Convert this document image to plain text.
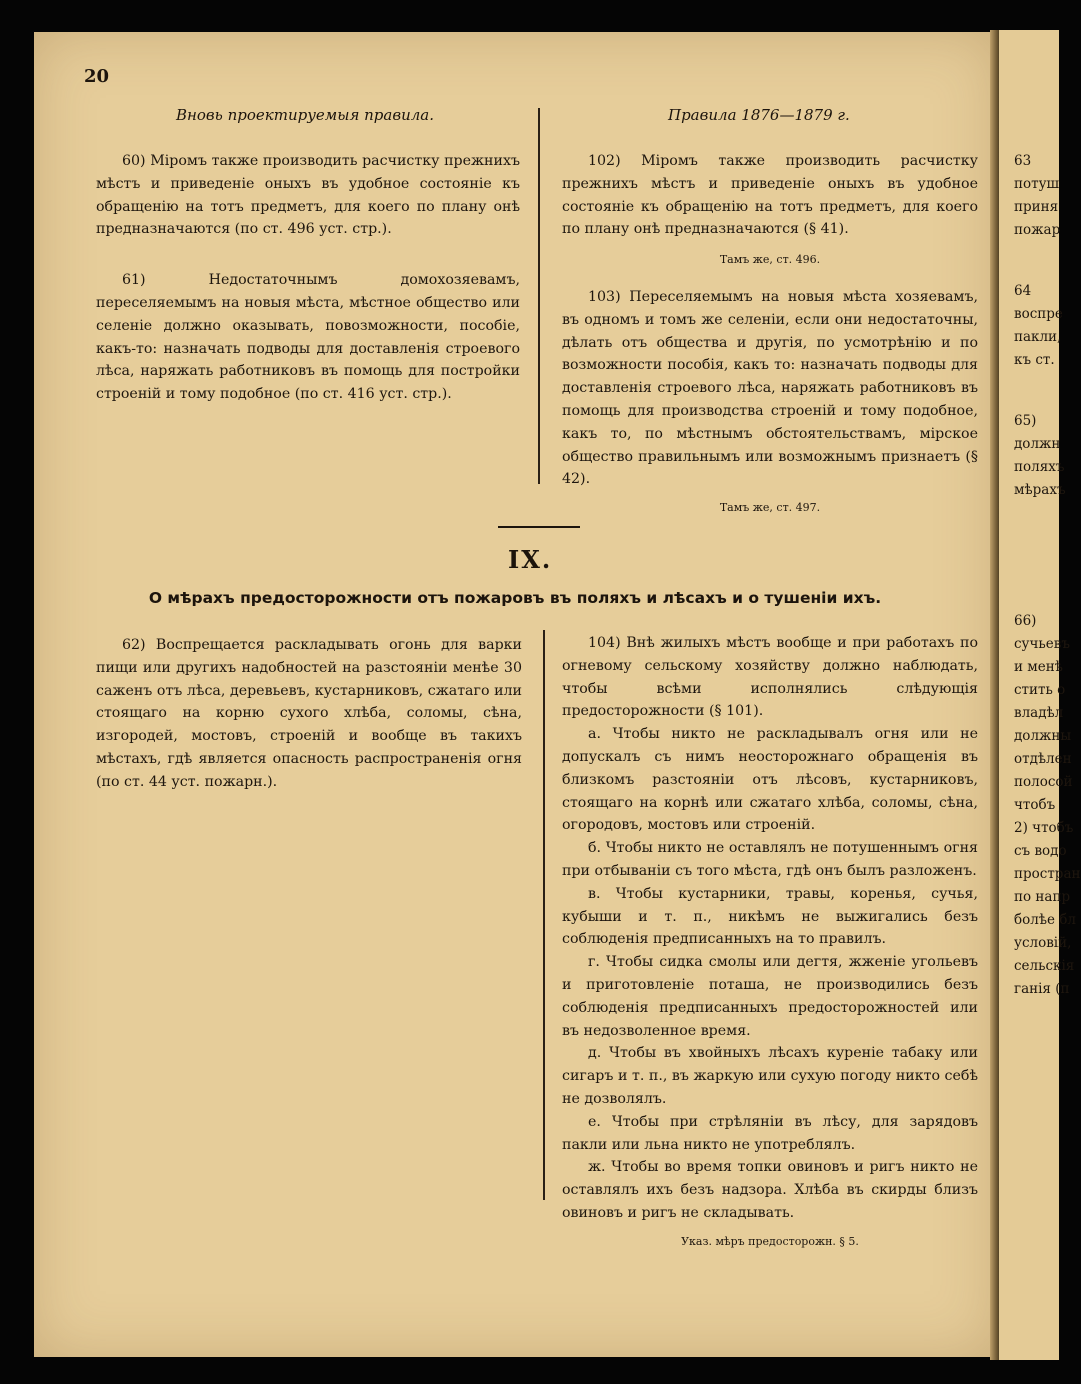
20
Вновь проектируемыя правила.	Правила 1876—1879 г.

60) Міромъ также производить расчистку прежнихъ мѣстъ и приведеніе оныхъ въ удобное состояніе къ обращенію на тотъ предметъ, для коего по плану онѣ предназначаются (по ст. 496 уст. стр.).

61) Недостаточнымъ домохозяевамъ, переселяемымъ на новыя мѣста, мѣстное общество или селеніе должно оказывать, повозможности, пособіе, какъ-то: назначать подводы для доставленія строевого лѣса, наряжать работниковъ въ помощь для постройки строеній и тому подобное (по ст. 416 уст. стр.).

102) Міромъ также производить расчистку прежнихъ мѣстъ и приведеніе оныхъ въ удобное состояніе къ обращенію на тотъ предметъ, для коего по плану онѣ предназначаются (§ 41).

Тамъ же, ст. 496.

103) Переселяемымъ на новыя мѣста хозяевамъ, въ одномъ и томъ же селеніи, если они недостаточны, дѣлать отъ общества и другія, по усмотрѣнію и по возможности пособія, какъ то: назначать подводы для доставленія строевого лѣса, наряжать работниковъ въ помощь для производства строеній и тому подобное, какъ то, по мѣстнымъ обстоятельствамъ, мірское общество правильнымъ или возможнымъ признаетъ (§ 42).

Тамъ же, ст. 497.
IX.
О мѣрахъ предосторожности отъ пожаровъ въ поляхъ и лѣсахъ и о тушеніи ихъ.

62) Воспрещается раскладывать огонь для варки пищи или другихъ надобностей на разстояніи менѣе 30 саженъ отъ лѣса, деревьевъ, кустарниковъ, сжатаго или стоящаго на корню сухого хлѣба, соломы, сѣна, изгородей, мостовъ, строеній и вообще въ такихъ мѣстахъ, гдѣ является опасность распространенія огня (по ст. 44 уст. пожарн.).

104) Внѣ жилыхъ мѣстъ вообще и при работахъ по огневому сельскому хозяйству должно наблюдать, чтобы всѣми исполнялись слѣдующія предосторожности (§ 101).

а. Чтобы никто не раскладывалъ огня или не допускалъ съ нимъ неосторожнаго обращенія въ близкомъ разстояніи отъ лѣсовъ, кустарниковъ, стоящаго на корнѣ или сжатаго хлѣба, соломы, сѣна, огородовъ, мостовъ или строеній.

б. Чтобы никто не оставлялъ не потушеннымъ огня при отбываніи съ того мѣста, гдѣ онъ былъ разложенъ.

в. Чтобы кустарники, травы, коренья, сучья, кубыши и т. п., никѣмъ не выжигались безъ соблюденія предписанныхъ на то правилъ.

г. Чтобы сидка смолы или дегтя, жженіе угольевъ и приготовленіе поташа, не производились безъ соблюденія предписанныхъ предосторожностей или въ недозволенное время.

д. Чтобы въ хвойныхъ лѣсахъ куреніе табаку или сигаръ и т. п., въ жаркую или сухую погоду никто себѣ не дозволялъ.

е. Чтобы при стрѣляніи въ лѣсу, для зарядовъ пакли или льна никто не употреблялъ.

ж. Чтобы во время топки овиновъ и ригъ никто не оставлялъ ихъ безъ надзора. Хлѣба въ скирды близъ овиновъ и ригъ не складывать.

Указ. мѣръ предосторожн. § 5.
63
потуш
приня
пожар
64
воспре
пакли,
къ ст.
65)
должн
поляхъ
мѣрахъ
66)
сучьевъ
и менѣ
стить о
владѣл
должны
отдѣлен
полосой
чтобъ
2) чтобъ
съ водо
простран
по напр
болѣе бл
условій,
сельскія
ганія (п
